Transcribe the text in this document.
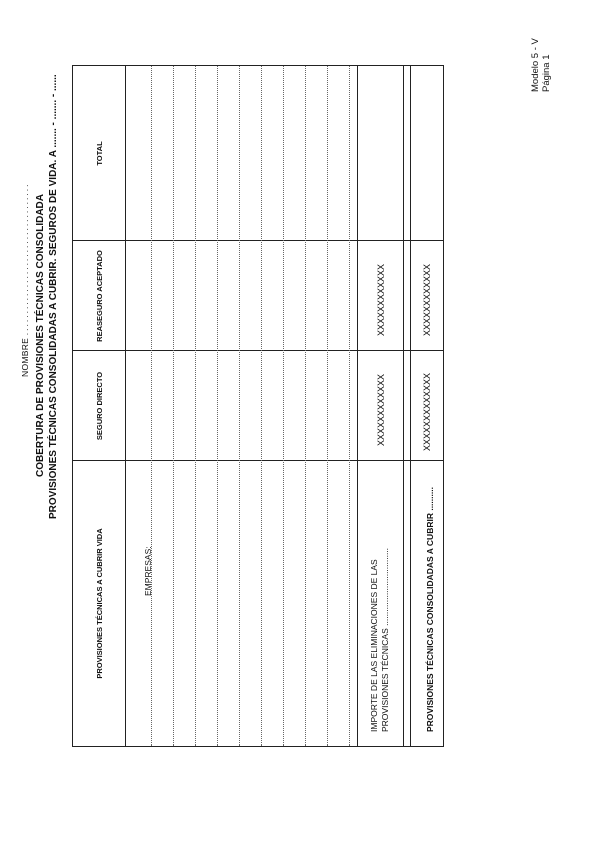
Modelo 5 - V Página 1
NOMBRE ................................... COBERTURA DE PROVISIONES TÉCNICAS CONSOLIDADA PROVISIONES TÉCNICAS CONSOLIDADAS A CUBRIR. SEGUROS DE VIDA. A ....... - ....... - ......
PROVISIONES TÉCNICAS A CUBRIR VIDA
SEGURO DIRECTO
REASEGURO ACEPTADO
TOTAL
EMPRESAS:	IMPORTE DE LAS ELIMINACIONES DE LAS PROVISIONES TÉCNICAS .................................
XXXXXXXXXXXX
XXXXXXXXXXXX
PROVISIONES TÉCNICAS CONSOLIDADAS A CUBRIR ..........
XXXXXXXXXXXXX
XXXXXXXXXXXX
